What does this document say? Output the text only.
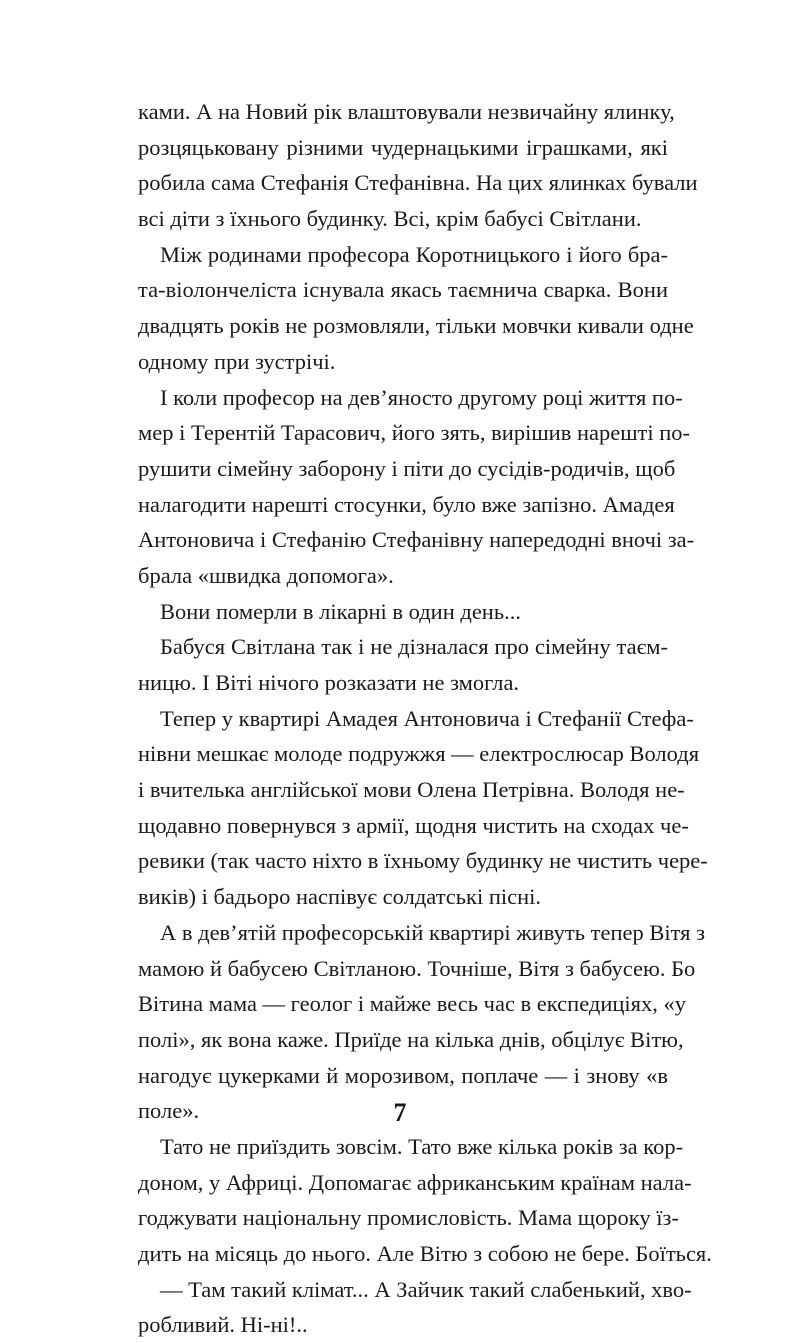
ками. А на Новий рік влаштовували незвичайну ялинку,
розцяцьковану різними чудернацькими іграшками, які
робила сама Стефанія Стефанівна. На цих ялинках бували
всі діти з їхнього будинку. Всі, крім бабусі Світлани.
Між родинами професора Коротницького і його бра-
та-віолончеліста існувала якась таємнича сварка. Вони
двадцять років не розмовляли, тільки мовчки кивали одне
одному при зустрічі.
І коли професор на дев’яносто другому році життя по-
мер і Терентій Тарасович, його зять, вирішив нарешті по-
рушити сімейну заборону і піти до сусідів-родичів, щоб
налагодити нарешті стосунки, було вже запізно. Амадея
Антоновича і Стефанію Стефанівну напередодні вночі за-
брала «швидка допомога».
Вони померли в лікарні в один день...
Бабуся Світлана так і не дізналася про сімейну таєм-
ницю. І Віті нічого розказати не змогла.
Тепер у квартирі Амадея Антоновича і Стефанії Стефа-
нівни мешкає молоде подружжя — електрослюсар Володя
і вчителька англійської мови Олена Петрівна. Володя не-
щодавно повернувся з армії, щодня чистить на сходах че-
ревики (так часто ніхто в їхньому будинку не чистить чере-
виків) і бадьоро наспівує солдатські пісні.
А в дев’ятій професорській квартирі живуть тепер Вітя з
мамою й бабусею Світланою. Точніше, Вітя з бабусею. Бо
Вітина мама — геолог і майже весь час в експедиціях, «у
полі», як вона каже. Приїде на кілька днів, обцілує Вітю,
нагодує цукерками й морозивом, поплаче — і знову «в
поле».
Тато не приїздить зовсім. Тато вже кілька років за кор-
доном, у Африці. Допомагає африканським країнам нала-
годжувати національну промисловість. Мама щороку їз-
дить на місяць до нього. Але Вітю з собою не бере. Боїться.
— Там такий клімат... А Зайчик такий слабенький, хво-
робливий. Ні-ні!..
7
